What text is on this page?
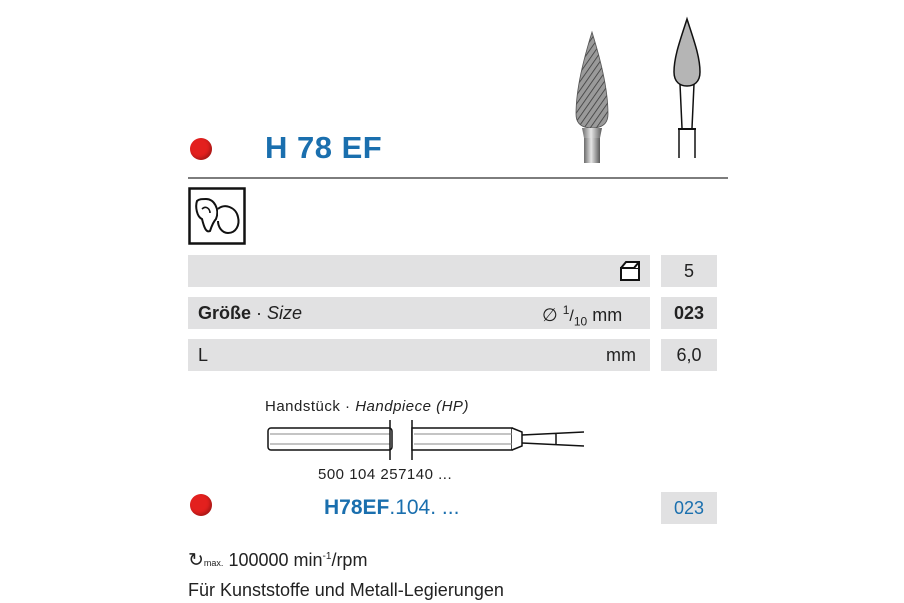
H 78 EF
5
Größe · Size	∅ $^1/_{10}$ mm	023
L	mm	6,0
Handstück · Handpiece (HP)
500 104 257140 ...
H78EF.104. ...	023
↻max. 100000 $\min^{-1}$/rpm
Für Kunststoffe und Metall-Legierungen
